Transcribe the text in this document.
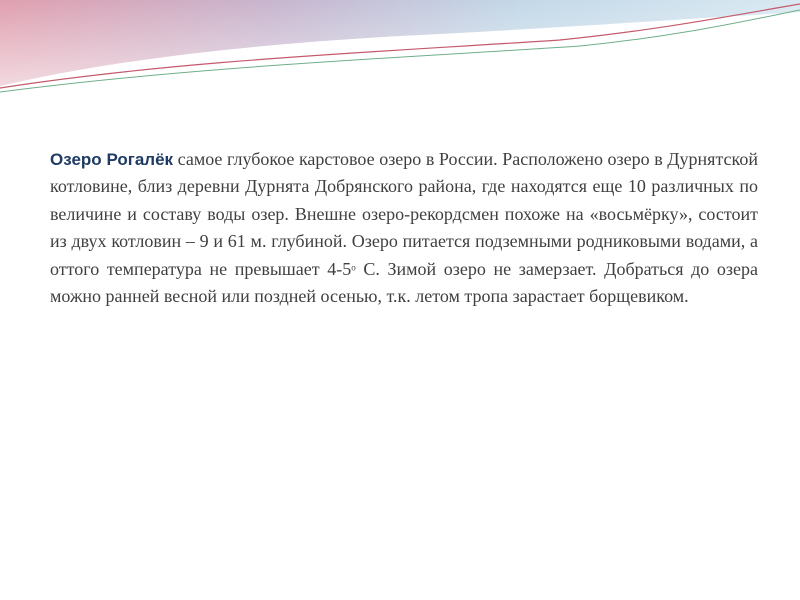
Озеро Рогалёк самое глубокое карстовое озеро в России. Расположено озеро в Дурнятской котловине, близ деревни Дурнята Добрянского района, где находятся еще 10 различных по величине и составу воды озер. Внешне озеро-рекордсмен похоже на «восьмёрку», состоит из двух котловин – 9 и 61 м. глубиной. Озеро питается подземными родниковыми водами, а оттого температура не превышает $4-5^о$ С. Зимой озеро не замерзает. Добраться до озера можно ранней весной или поздней осенью, т.к. летом тропа зарастает борщевиком.
